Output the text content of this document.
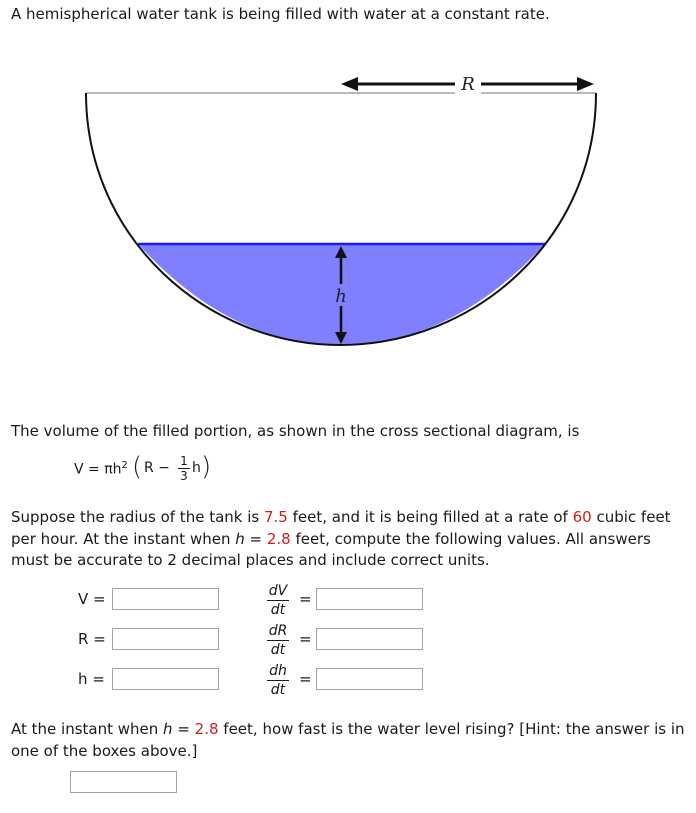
A hemispherical water tank is being filled with water at a constant rate.
R
h
The volume of the filled portion, as shown in the cross sectional diagram, is
$V = \pi h^2$ ( R − 1
3 h )
Suppose the radius of the tank is 7.5 feet, and it is being filled at a rate of 60 cubic feet per hour. At the instant when h = 2.8 feet, compute the following values. All answers must be accurate to 2 decimal places and include correct units.
V =	$\frac{dV}{dt}$ =
R =	$\frac{dR}{dt}$ =
h =	$\frac{dh}{dt}$ =
At the instant when h = 2.8 feet, how fast is the water level rising? [Hint: the answer is in one of the boxes above.]
